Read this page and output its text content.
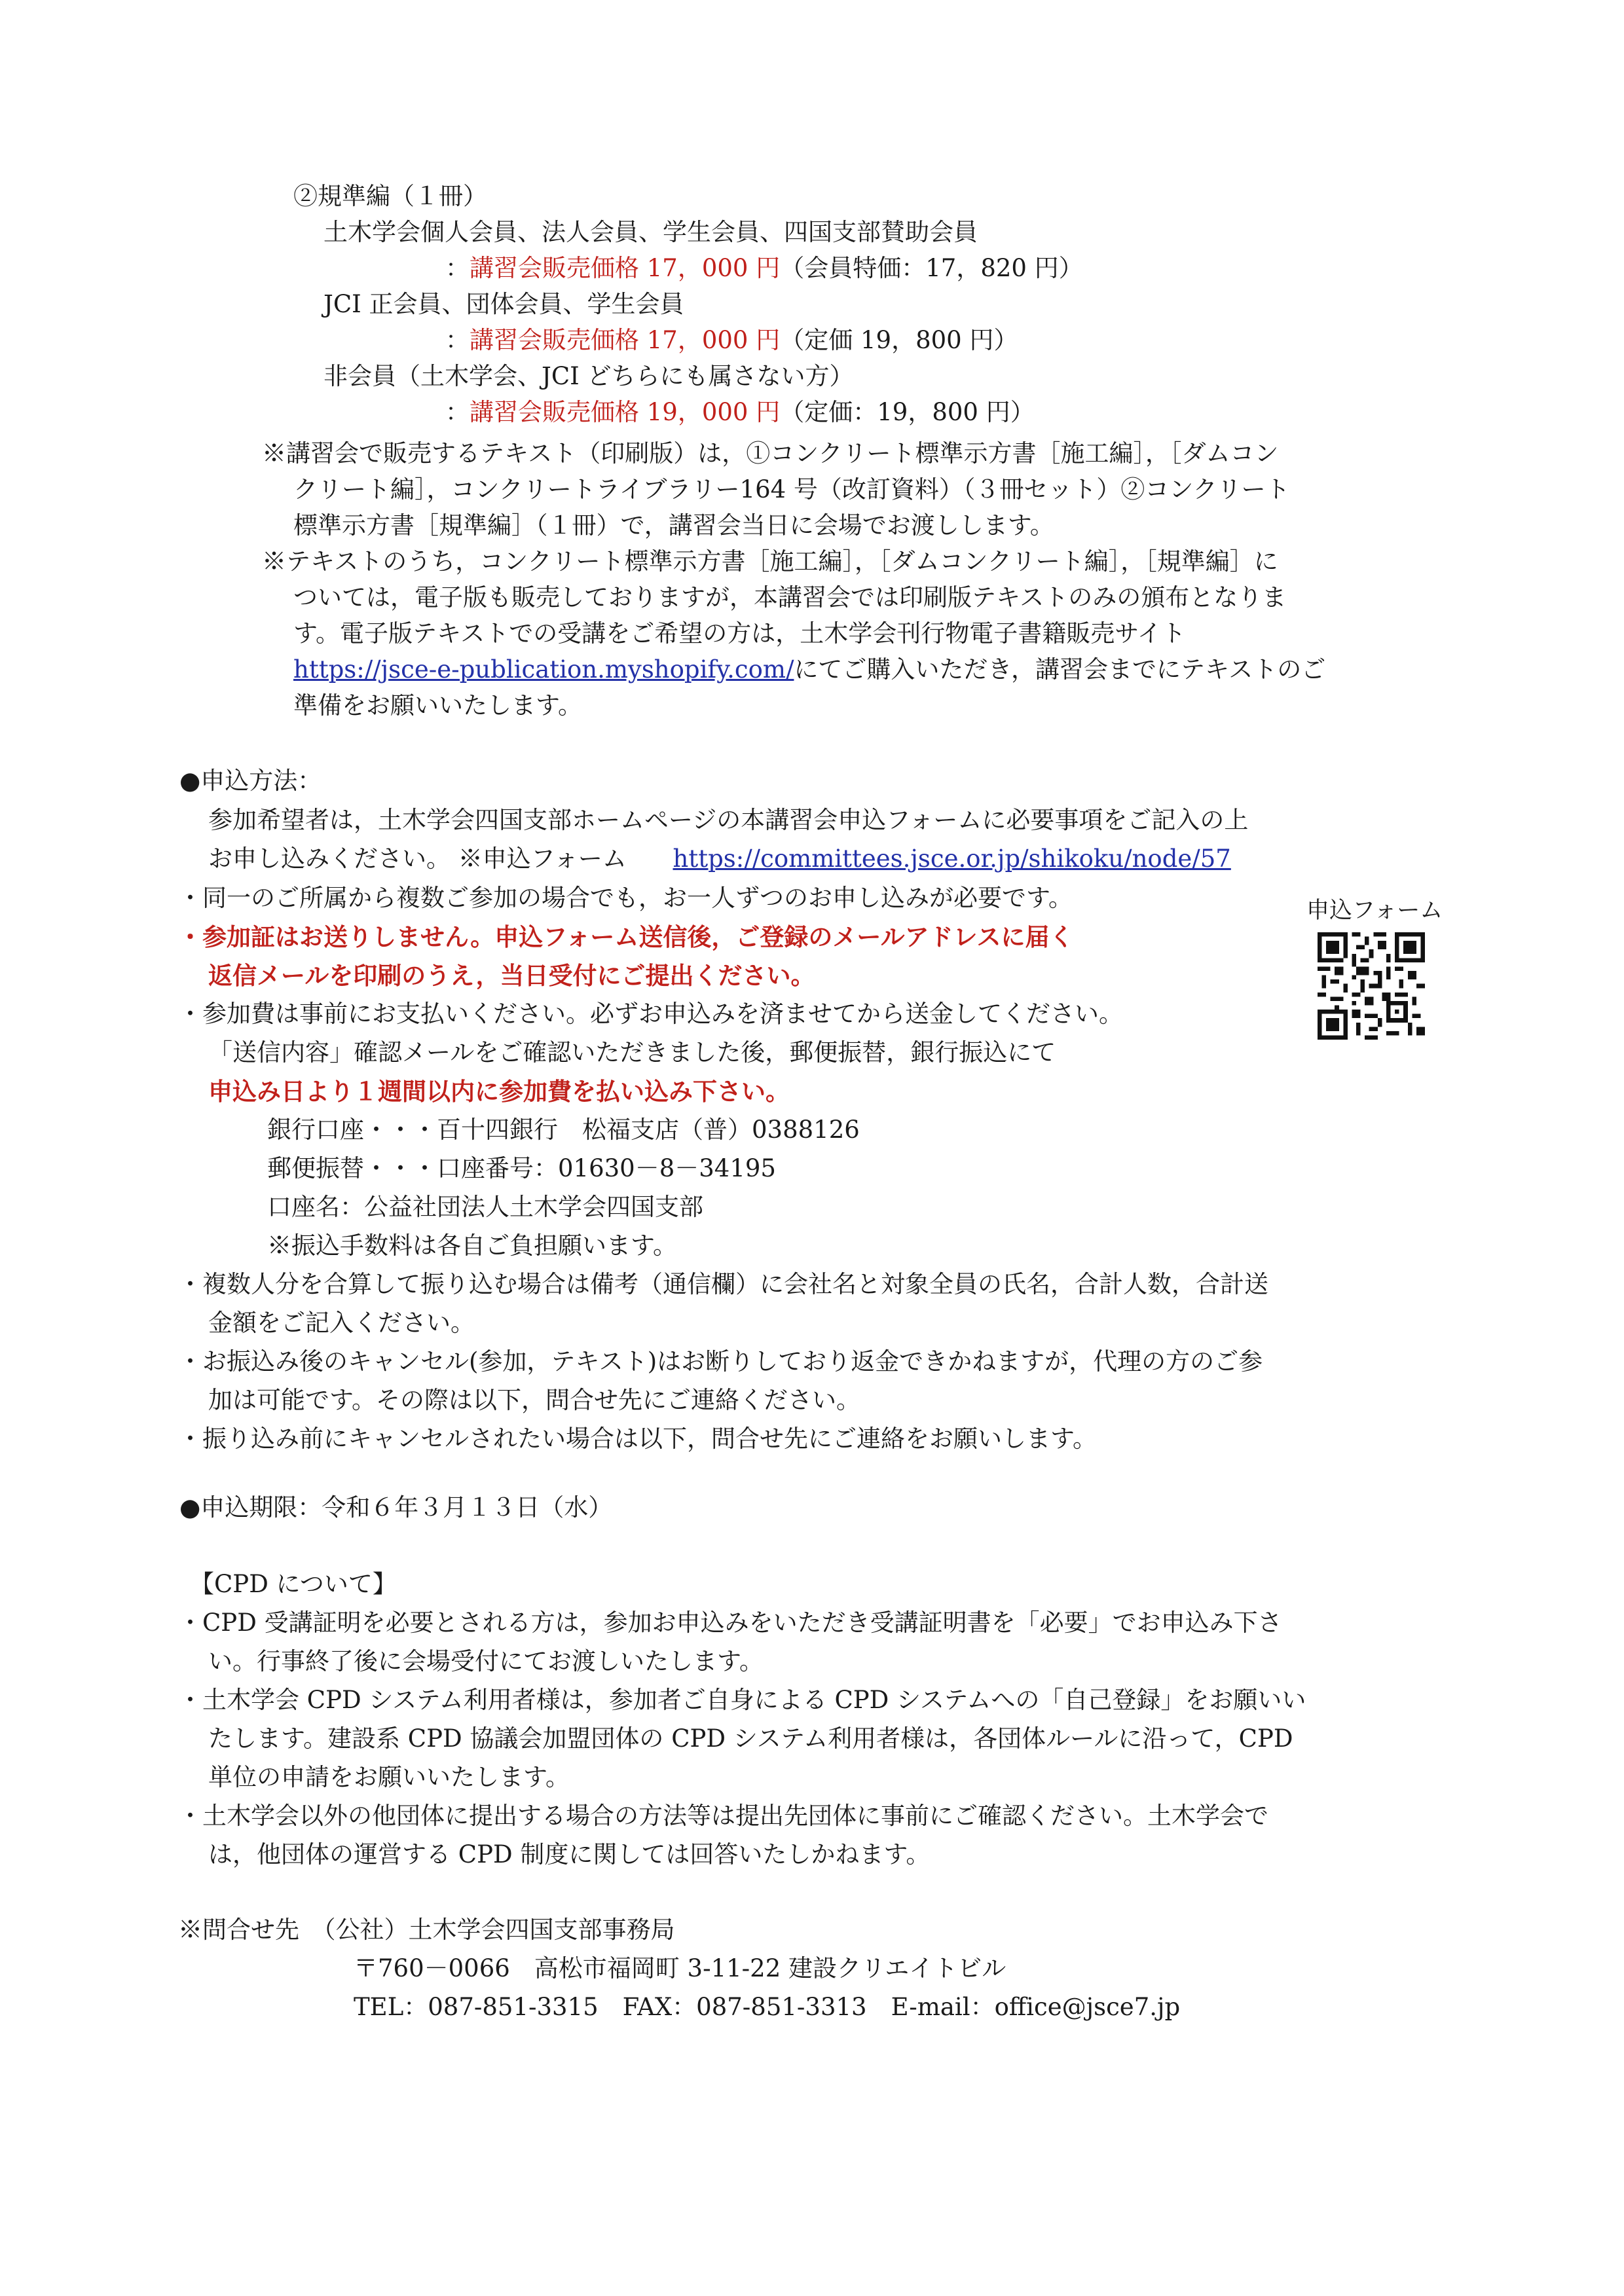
②規準編（１冊）
土木学会個人会員、法人会員、学生会員、四国支部賛助会員
：講習会販売価格 17，000 円（会員特価：17，820 円）
JCI 正会員、団体会員、学生会員
：講習会販売価格 17，000 円（定価 19，800 円）
非会員（土木学会、JCI どちらにも属さない方）
：講習会販売価格 19，000 円（定価：19，800 円）
※講習会で販売するテキスト（印刷版）は，①コンクリート標準示方書［施工編］，［ダムコン
クリート編］，コンクリートライブラリー164 号（改訂資料）（３冊セット）②コンクリート
標準示方書［規準編］（１冊）で，講習会当日に会場でお渡しします。
※テキストのうち，コンクリート標準示方書［施工編］，［ダムコンクリート編］，［規準編］に
ついては，電子版も販売しておりますが，本講習会では印刷版テキストのみの頒布となりま
す。電子版テキストでの受講をご希望の方は，土木学会刊行物電子書籍販売サイト
https://jsce-e-publication.myshopify.com/にてご購入いただき，講習会までにテキストのご
準備をお願いいたします。
●申込方法：
参加希望者は，土木学会四国支部ホームページの本講習会申込フォームに必要事項をご記入の上
お申し込みください。 ※申込フォーム https://committees.jsce.or.jp/shikoku/node/57
・同一のご所属から複数ご参加の場合でも，お一人ずつのお申し込みが必要です。
・参加証はお送りしません。申込フォーム送信後，ご登録のメールアドレスに届く
返信メールを印刷のうえ，当日受付にご提出ください。
・参加費は事前にお支払いください。必ずお申込みを済ませてから送金してください。
「送信内容」確認メールをご確認いただきました後，郵便振替，銀行振込にて
申込み日より１週間以内に参加費を払い込み下さい。
銀行口座・・・百十四銀行　松福支店（普）0388126
郵便振替・・・口座番号：01630－8－34195
口座名：公益社団法人土木学会四国支部
※振込手数料は各自ご負担願います。
・複数人分を合算して振り込む場合は備考（通信欄）に会社名と対象全員の氏名，合計人数，合計送
金額をご記入ください。
・お振込み後のキャンセル(参加，テキスト)はお断りしており返金できかねますが，代理の方のご参
加は可能です。その際は以下，問合せ先にご連絡ください。
・振り込み前にキャンセルされたい場合は以下，問合せ先にご連絡をお願いします。
申込フォーム
●申込期限：令和６年３月１３日（水）
【CPD について】
・CPD 受講証明を必要とされる方は，参加お申込みをいただき受講証明書を「必要」でお申込み下さ
い。行事終了後に会場受付にてお渡しいたします。
・土木学会 CPD システム利用者様は，参加者ご自身による CPD システムへの「自己登録」をお願いい
たします。建設系 CPD 協議会加盟団体の CPD システム利用者様は，各団体ルールに沿って，CPD
単位の申請をお願いいたします。
・土木学会以外の他団体に提出する場合の方法等は提出先団体に事前にご確認ください。土木学会で
は，他団体の運営する CPD 制度に関しては回答いたしかねます。
※問合せ先　（公社）土木学会四国支部事務局
〒760－0066　高松市福岡町 3-11-22 建設クリエイトビル
TEL：087-851-3315　FAX：087-851-3313　E-mail：office@jsce7.jp
